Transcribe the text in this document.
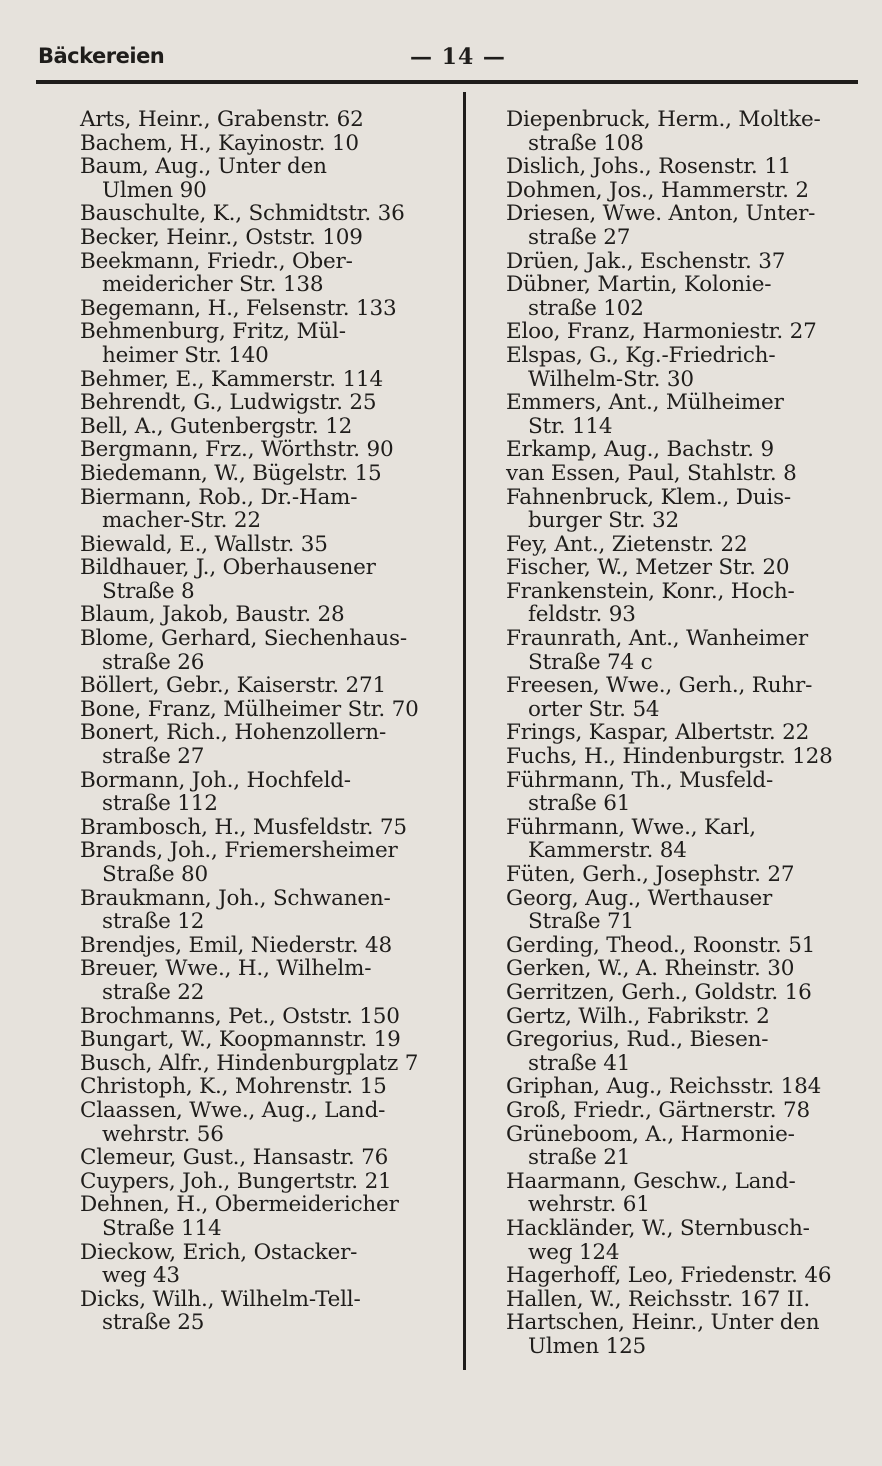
Bäckereien	— 14 —
Arts, Heinr., Grabenstr. 62
Bachem, H., Kayinostr. 10
Baum, Aug., Unter den
Ulmen 90
Bauschulte, K., Schmidtstr. 36
Becker, Heinr., Oststr. 109
Beekmann, Friedr., Ober-
meidericher Str. 138
Begemann, H., Felsenstr. 133
Behmenburg, Fritz, Mül-
heimer Str. 140
Behmer, E., Kammerstr. 114
Behrendt, G., Ludwigstr. 25
Bell, A., Gutenbergstr. 12
Bergmann, Frz., Wörthstr. 90
Biedemann, W., Bügelstr. 15
Biermann, Rob., Dr.-Ham-
macher-Str. 22
Biewald, E., Wallstr. 35
Bildhauer, J., Oberhausener
Straße 8
Blaum, Jakob, Baustr. 28
Blome, Gerhard, Siechenhaus-
straße 26
Böllert, Gebr., Kaiserstr. 271
Bone, Franz, Mülheimer Str. 70
Bonert, Rich., Hohenzollern-
straße 27
Bormann, Joh., Hochfeld-
straße 112
Brambosch, H., Musfeldstr. 75
Brands, Joh., Friemersheimer
Straße 80
Braukmann, Joh., Schwanen-
straße 12
Brendjes, Emil, Niederstr. 48
Breuer, Wwe., H., Wilhelm-
straße 22
Brochmanns, Pet., Oststr. 150
Bungart, W., Koopmannstr. 19
Busch, Alfr., Hindenburgplatz 7
Christoph, K., Mohrenstr. 15
Claassen, Wwe., Aug., Land-
wehrstr. 56
Clemeur, Gust., Hansastr. 76
Cuypers, Joh., Bungertstr. 21
Dehnen, H., Obermeidericher
Straße 114
Dieckow, Erich, Ostacker-
weg 43
Dicks, Wilh., Wilhelm-Tell-
straße 25
Diepenbruck, Herm., Moltke-
straße 108
Dislich, Johs., Rosenstr. 11
Dohmen, Jos., Hammerstr. 2
Driesen, Wwe. Anton, Unter-
straße 27
Drüen, Jak., Eschenstr. 37
Dübner, Martin, Kolonie-
straße 102
Eloo, Franz, Harmoniestr. 27
Elspas, G., Kg.-Friedrich-
Wilhelm-Str. 30
Emmers, Ant., Mülheimer
Str. 114
Erkamp, Aug., Bachstr. 9
van Essen, Paul, Stahlstr. 8
Fahnenbruck, Klem., Duis-
burger Str. 32
Fey, Ant., Zietenstr. 22
Fischer, W., Metzer Str. 20
Frankenstein, Konr., Hoch-
feldstr. 93
Fraunrath, Ant., Wanheimer
Straße 74 c
Freesen, Wwe., Gerh., Ruhr-
orter Str. 54
Frings, Kaspar, Albertstr. 22
Fuchs, H., Hindenburgstr. 128
Führmann, Th., Musfeld-
straße 61
Führmann, Wwe., Karl,
Kammerstr. 84
Füten, Gerh., Josephstr. 27
Georg, Aug., Werthauser
Straße 71
Gerding, Theod., Roonstr. 51
Gerken, W., A. Rheinstr. 30
Gerritzen, Gerh., Goldstr. 16
Gertz, Wilh., Fabrikstr. 2
Gregorius, Rud., Biesen-
straße 41
Griphan, Aug., Reichsstr. 184
Groß, Friedr., Gärtnerstr. 78
Grüneboom, A., Harmonie-
straße 21
Haarmann, Geschw., Land-
wehrstr. 61
Hackländer, W., Sternbusch-
weg 124
Hagerhoff, Leo, Friedenstr. 46
Hallen, W., Reichsstr. 167 II.
Hartschen, Heinr., Unter den
Ulmen 125
